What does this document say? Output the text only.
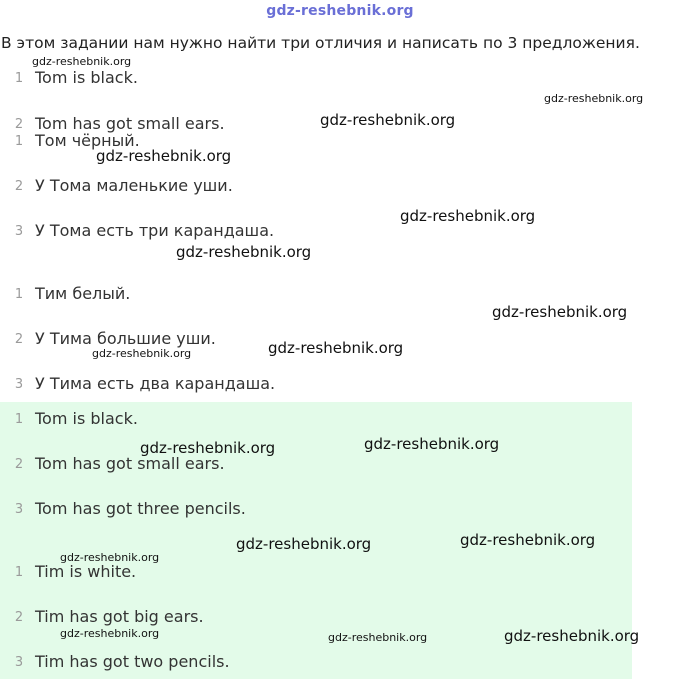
gdz-reshebnik.org
В этом задании нам нужно найти три отличия и написать по 3 предложения.
1 Tom is black.
2 Tom has got small ears.
1 Том чёрный.
2 У Тома маленькие уши.
3 У Тома есть три карандаша.
1 Тим белый.
2 У Тима большие уши.
3 У Тима есть два карандаша.
1 Tom is black.
2 Tom has got small ears.
3 Tom has got three pencils.
1 Tim is white.
2 Tim has got big ears.
3 Tim has got two pencils.
gdz-reshebnik.org
gdz-reshebnik.org
gdz-reshebnik.org
gdz-reshebnik.org
gdz-reshebnik.org
gdz-reshebnik.org
gdz-reshebnik.org
gdz-reshebnik.org
gdz-reshebnik.org
gdz-reshebnik.org	gdz-reshebnik.org
gdz-reshebnik.org	gdz-reshebnik.org
gdz-reshebnik.org
gdz-reshebnik.org	gdz-reshebnik.org	gdz-reshebnik.org
